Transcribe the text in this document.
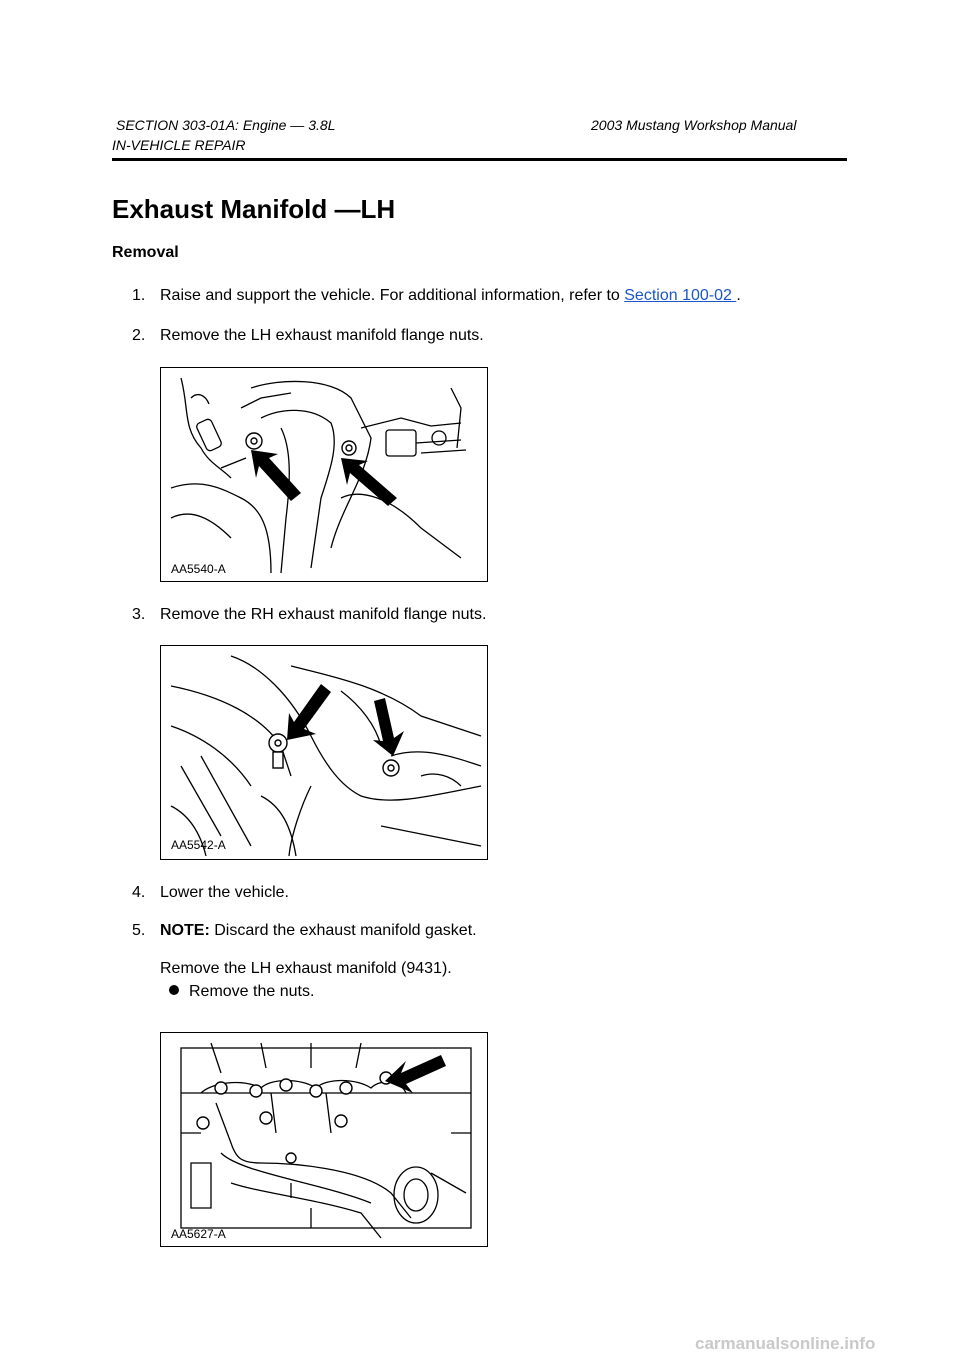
SECTION 303-01A: Engine — 3.8L	2003 Mustang Workshop Manual
IN-VEHICLE REPAIR
Exhaust Manifold —LH
Removal
1. Raise and support the vehicle. For additional information, refer to Section 100-02 .
2. Remove the LH exhaust manifold flange nuts.
AA5540-A
3. Remove the RH exhaust manifold flange nuts.
AA5542-A
4. Lower the vehicle.
5. NOTE: Discard the exhaust manifold gasket.
Remove the LH exhaust manifold (9431).
Remove the nuts.
AA5627-A
carmanualsonline.info
